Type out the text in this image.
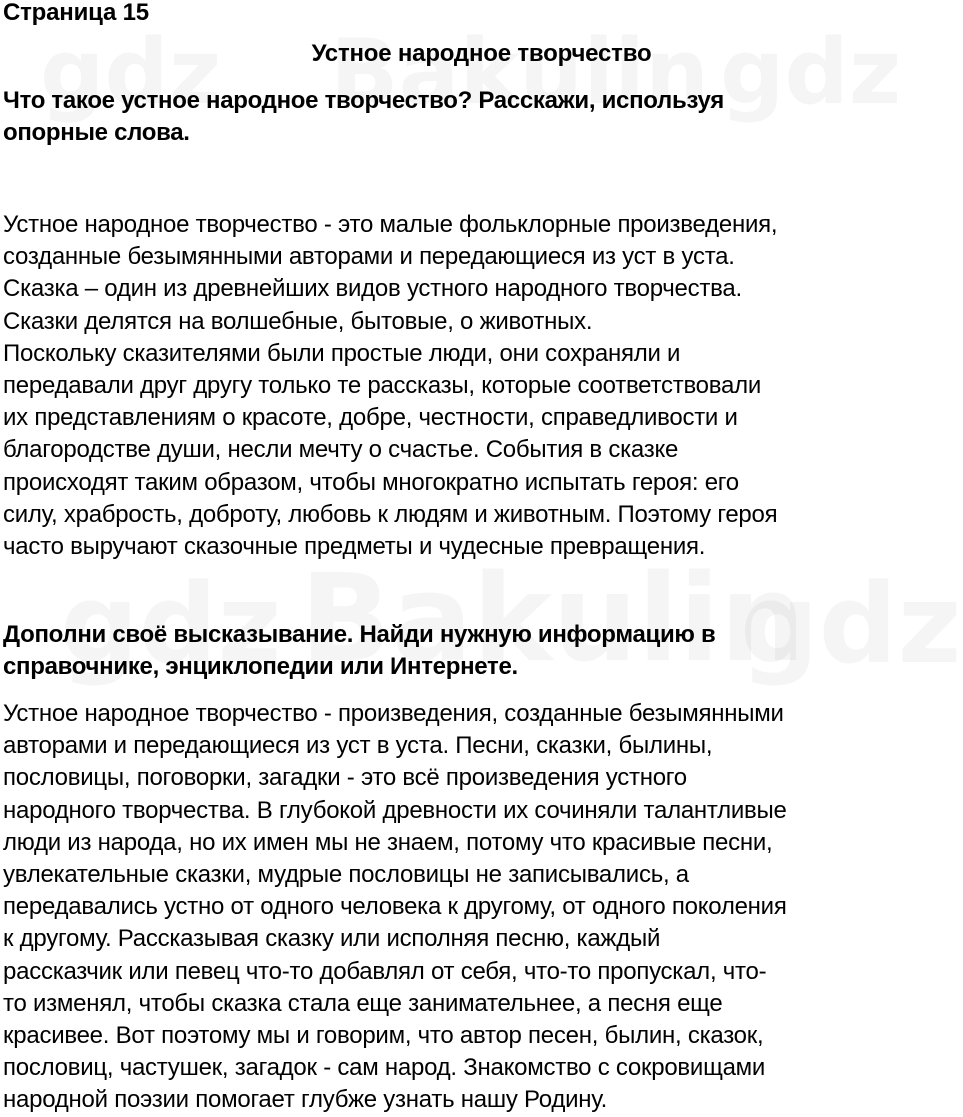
Страница 15
Устное народное творчество
Что такое устное народное творчество? Расскажи, используя
опорные слова.
Устное народное творчество - это малые фольклорные произведения,
созданные безымянными авторами и передающиеся из уст в уста.
Сказка – один из древнейших видов устного народного творчества.
Сказки делятся на волшебные, бытовые, о животных.
Поскольку сказителями были простые люди, они сохраняли и
передавали друг другу только те рассказы, которые соответствовали
их представлениям о красоте, добре, честности, справедливости и
благородстве души, несли мечту о счастье. События в сказке
происходят таким образом, чтобы многократно испытать героя: его
силу, храбрость, доброту, любовь к людям и животным. Поэтому героя
часто выручают сказочные предметы и чудесные превращения.
Дополни своё высказывание. Найди нужную информацию в
справочнике, энциклопедии или Интернете.
Устное народное творчество - произведения, созданные безымянными
авторами и передающиеся из уст в уста. Песни, сказки, былины,
пословицы, поговорки, загадки - это всё произведения устного
народного творчества. В глубокой древности их сочиняли талантливые
люди из народа, но их имен мы не знаем, потому что красивые песни,
увлекательные сказки, мудрые пословицы не записывались, а
передавались устно от одного человека к другому, от одного поколения
к другому. Рассказывая сказку или исполняя песню, каждый
рассказчик или певец что-то добавлял от себя, что-то пропускал, что-
то изменял, чтобы сказка стала еще занимательнее, а песня еще
красивее. Вот поэтому мы и говорим, что автор песен, былин, сказок,
пословиц, частушек, загадок - сам народ. Знакомство с сокровищами
народной поэзии помогает глубже узнать нашу Родину.
